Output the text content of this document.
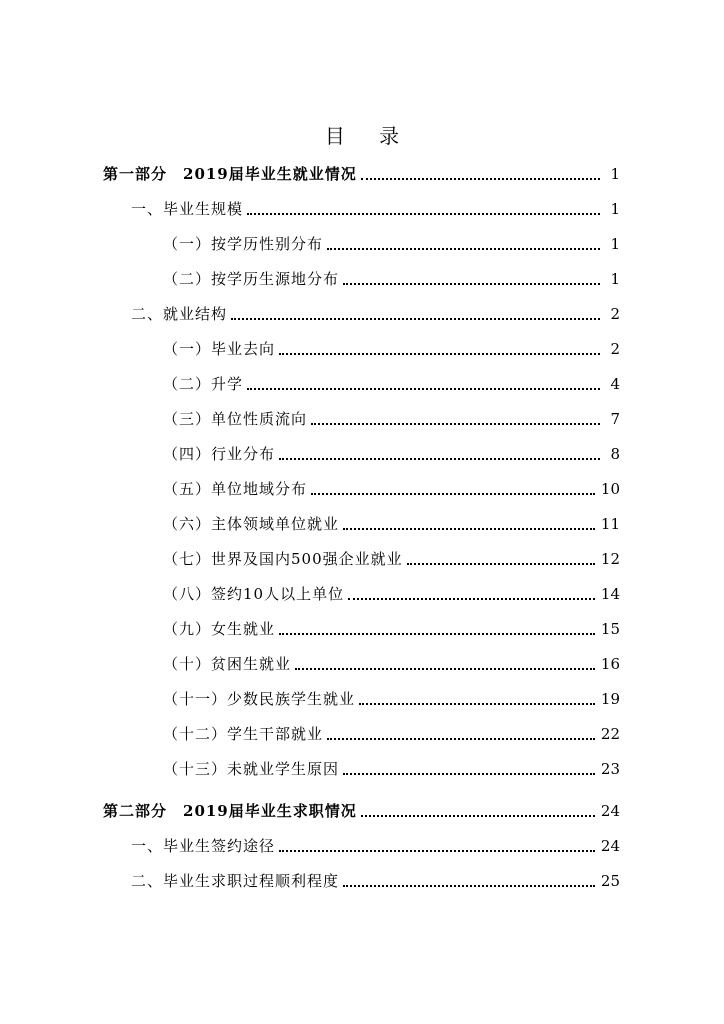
目 录
第一部分　2019届毕业生就业情况	1
一、毕业生规模	1
（一）按学历性别分布	1
（二）按学历生源地分布	1
二、就业结构	2
（一）毕业去向	2
（二）升学	4
（三）单位性质流向	7
（四）行业分布	8
（五）单位地域分布	10
（六）主体领域单位就业	11
（七）世界及国内500强企业就业	12
（八）签约10人以上单位	14
（九）女生就业	15
（十）贫困生就业	16
（十一）少数民族学生就业	19
（十二）学生干部就业	22
（十三）未就业学生原因	23
第二部分　2019届毕业生求职情况	24
一、毕业生签约途径	24
二、毕业生求职过程顺利程度	25
